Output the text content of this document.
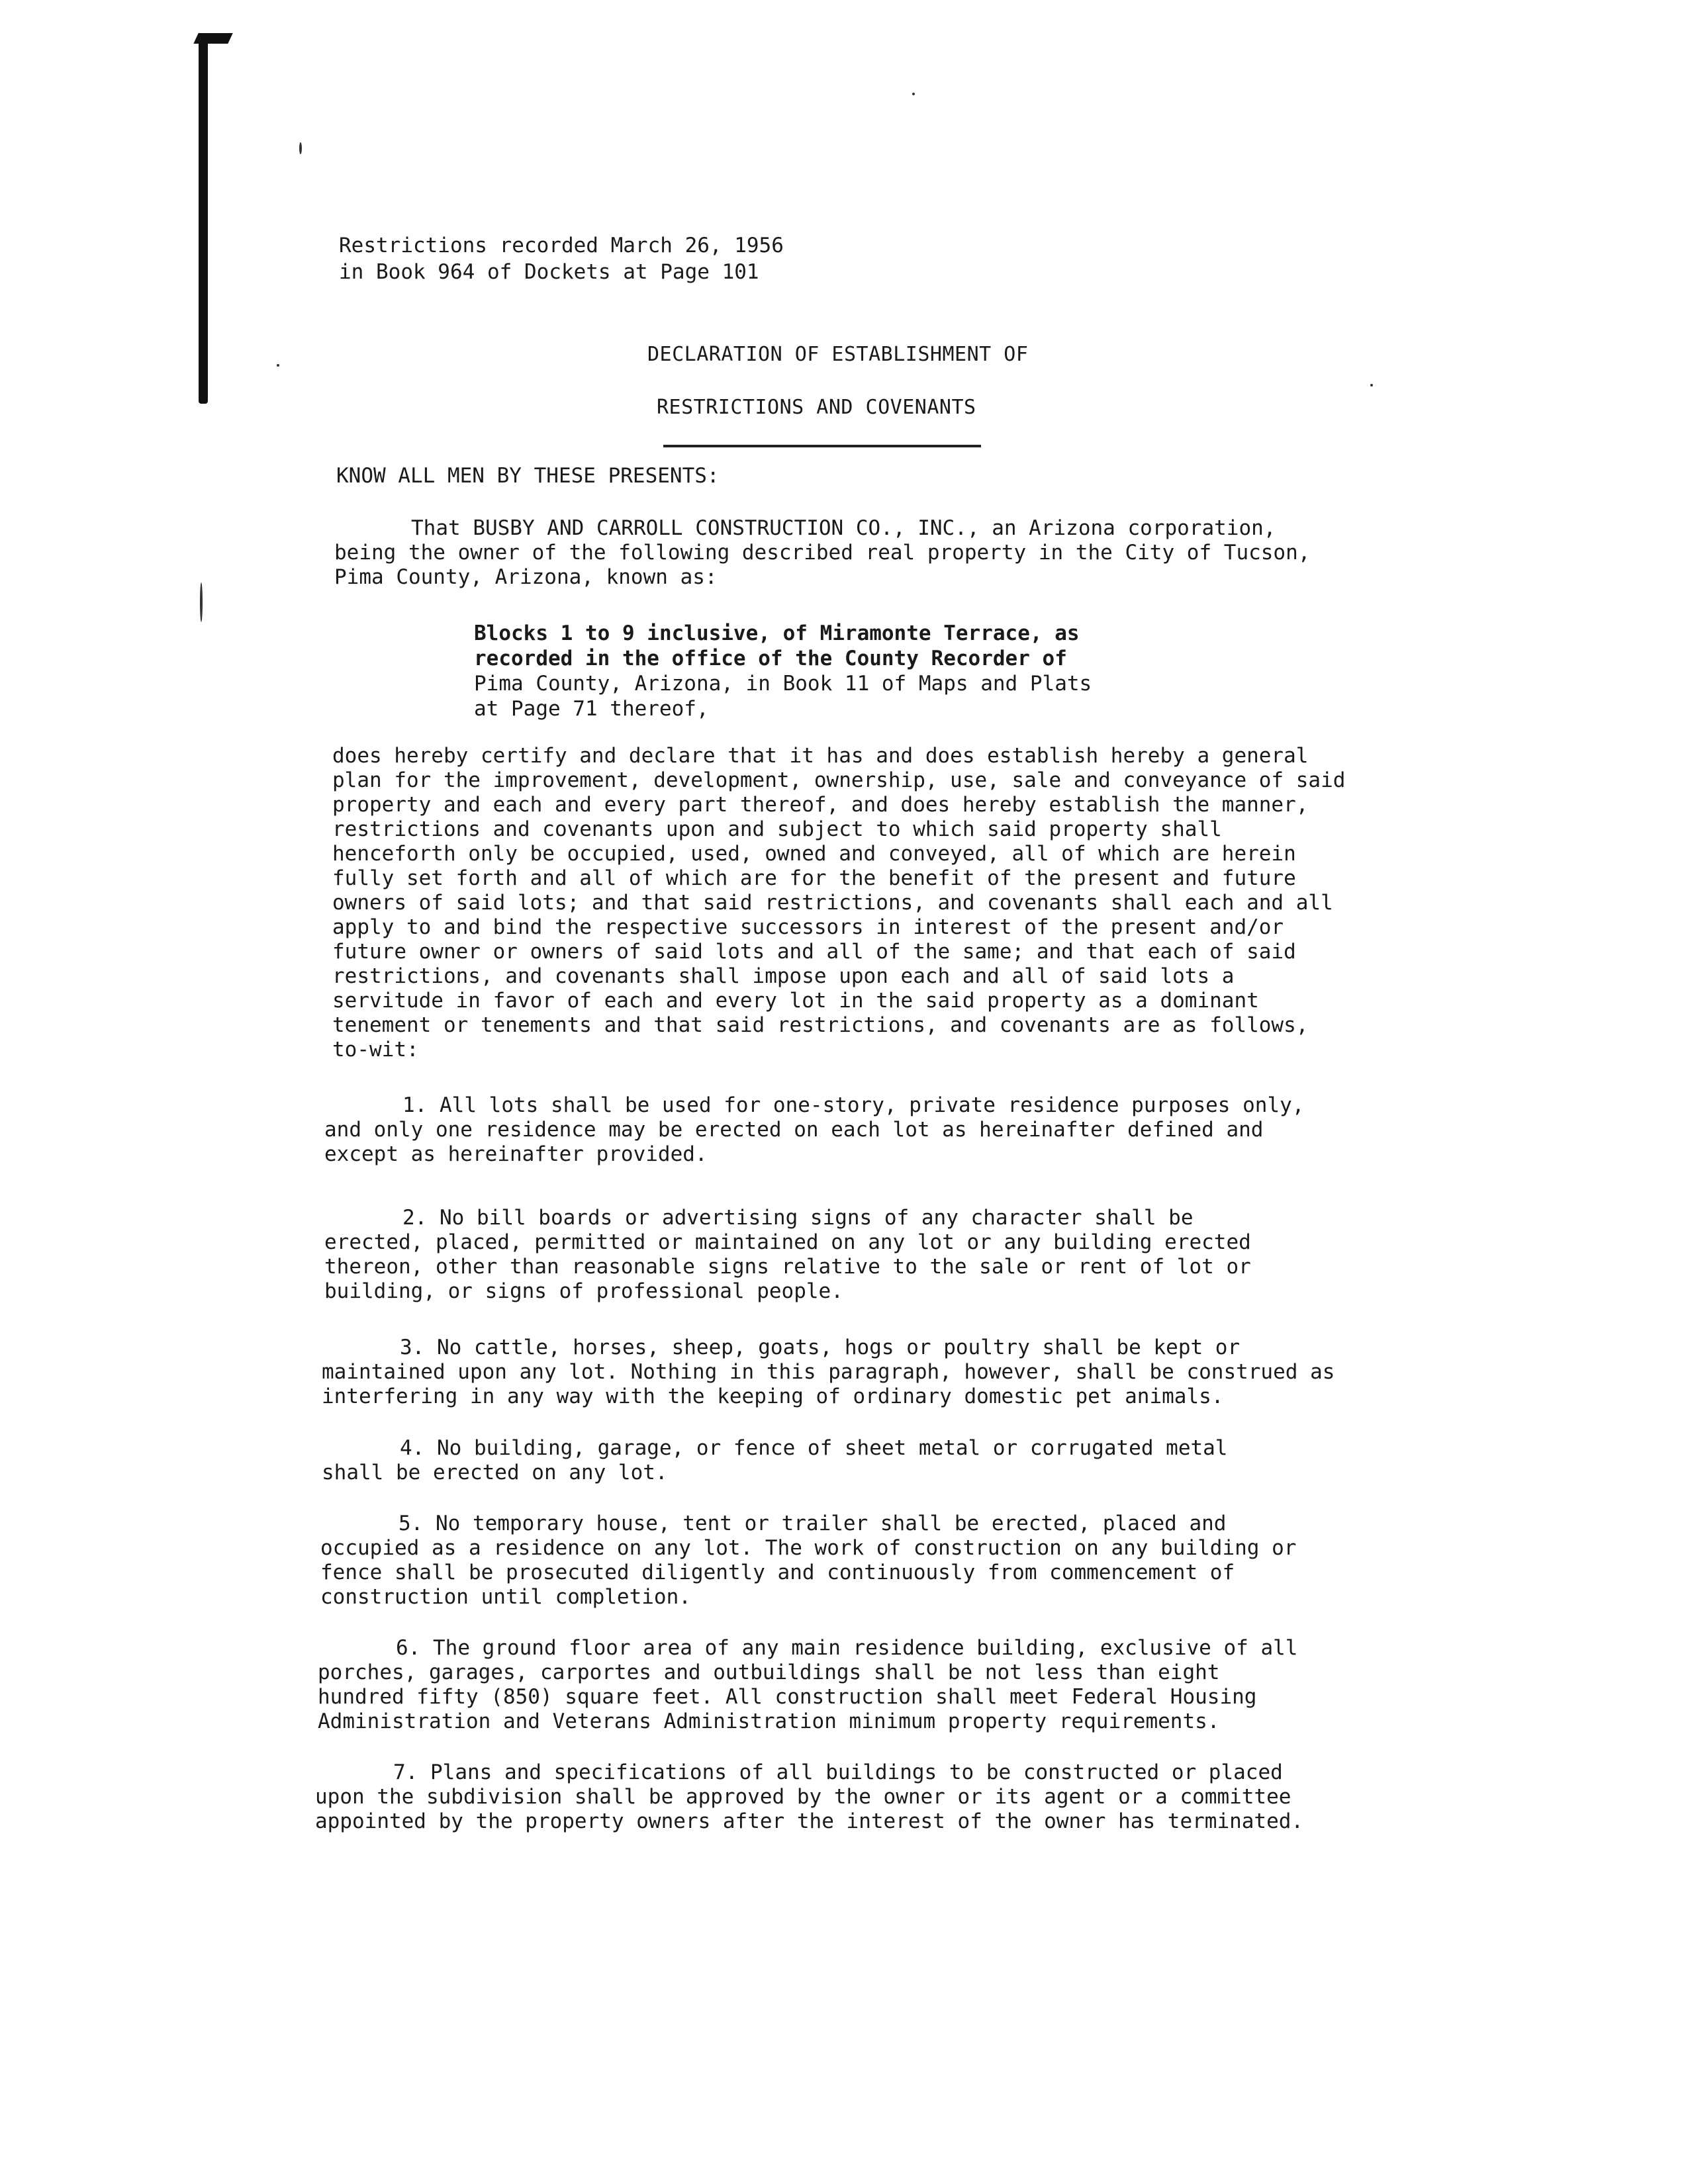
Restrictions recorded March 26, 1956
in Book 964 of Dockets at Page 101
DECLARATION OF ESTABLISHMENT OF
RESTRICTIONS AND COVENANTS
KNOW ALL MEN BY THESE PRESENTS:
That BUSBY AND CARROLL CONSTRUCTION CO., INC., an Arizona corporation, being the owner of the following described real property in the City of Tucson, Pima County, Arizona, known as:
Blocks 1 to 9 inclusive, of Miramonte Terrace, as
recorded in the office of the County Recorder of
Pima County, Arizona, in Book 11 of Maps and Plats
at Page 71 thereof,
does hereby certify and declare that it has and does establish hereby a general plan for the improvement, development, ownership, use, sale and conveyance of said property and each and every part thereof, and does hereby establish the manner, restrictions and covenants upon and subject to which said property shall henceforth only be occupied, used, owned and conveyed, all of which are herein fully set forth and all of which are for the benefit of the present and future owners of said lots; and that said restrictions, and covenants shall each and all apply to and bind the respective successors in interest of the present and/or future owner or owners of said lots and all of the same; and that each of said restrictions, and covenants shall impose upon each and all of said lots a servitude in favor of each and every lot in the said property as a dominant tenement or tenements and that said restrictions, and covenants are as follows, to-wit:
1. All lots shall be used for one-story, private residence purposes only, and only one residence may be erected on each lot as hereinafter defined and except as hereinafter provided.
2. No bill boards or advertising signs of any character shall be erected, placed, permitted or maintained on any lot or any building erected thereon, other than reasonable signs relative to the sale or rent of lot or building, or signs of professional people.
3. No cattle, horses, sheep, goats, hogs or poultry shall be kept or maintained upon any lot. Nothing in this paragraph, however, shall be construed as interfering in any way with the keeping of ordinary domestic pet animals.
4. No building, garage, or fence of sheet metal or corrugated metal shall be erected on any lot.
5. No temporary house, tent or trailer shall be erected, placed and occupied as a residence on any lot. The work of construction on any building or fence shall be prosecuted diligently and continuously from commencement of construction until completion.
6. The ground floor area of any main residence building, exclusive of all porches, garages, carportes and outbuildings shall be not less than eight hundred fifty (850) square feet. All construction shall meet Federal Housing Administration and Veterans Administration minimum property requirements.
7. Plans and specifications of all buildings to be constructed or placed upon the subdivision shall be approved by the owner or its agent or a committee appointed by the property owners after the interest of the owner has terminated.
